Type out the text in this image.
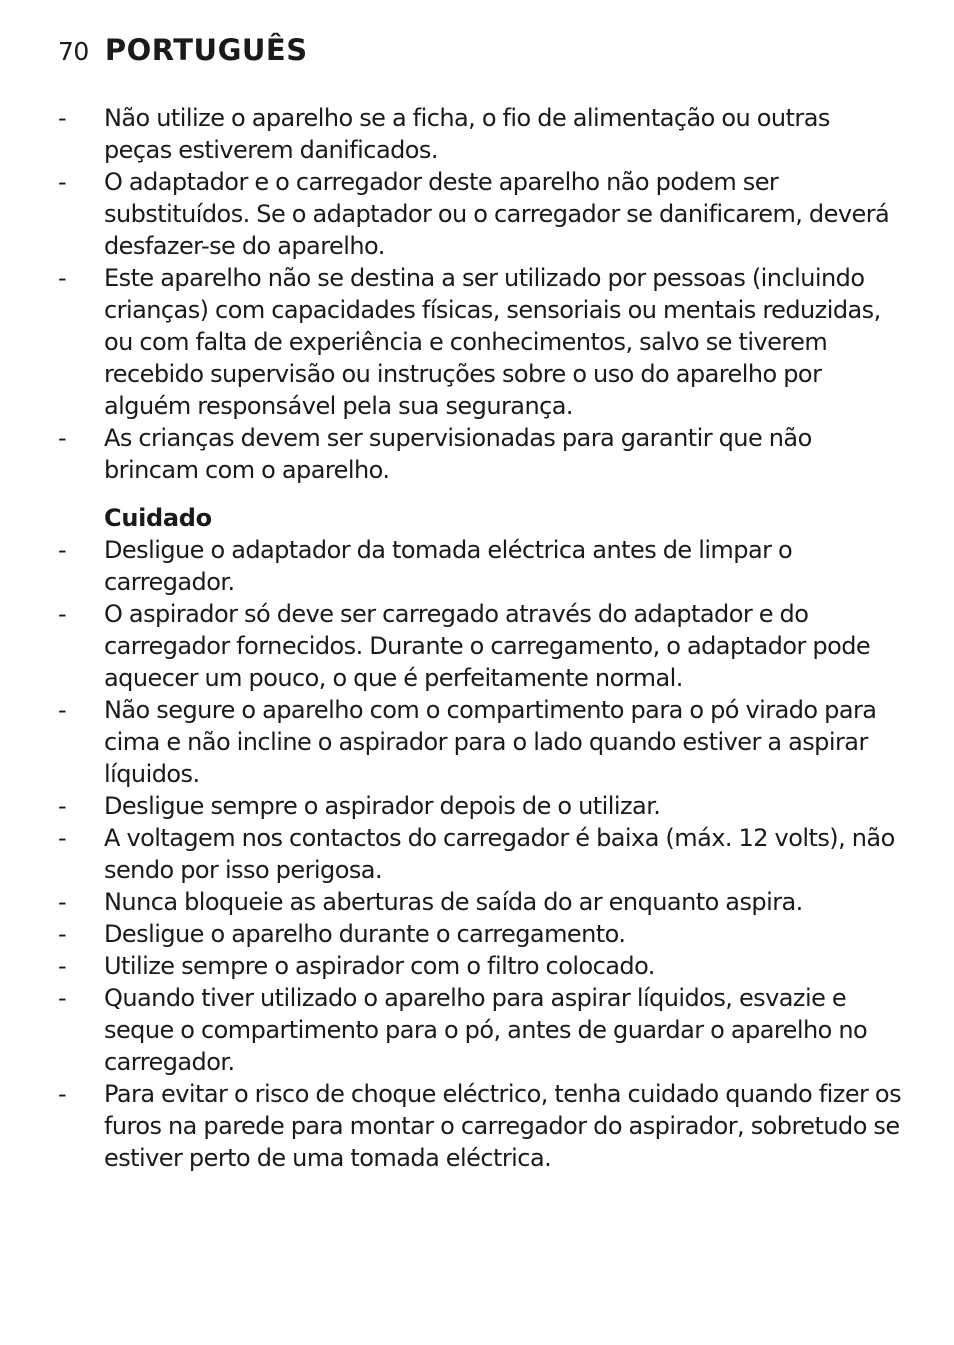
70 PORTUGUÊS
- Não utilize o aparelho se a ficha, o fio de alimentação ou outras peças estiverem danificados.
- O adaptador e o carregador deste aparelho não podem ser substituídos. Se o adaptador ou o carregador se danificarem, deverá desfazer-se do aparelho.
- Este aparelho não se destina a ser utilizado por pessoas (incluindo crianças) com capacidades físicas, sensoriais ou mentais reduzidas, ou com falta de experiência e conhecimentos, salvo se tiverem recebido supervisão ou instruções sobre o uso do aparelho por alguém responsável pela sua segurança.
- As crianças devem ser supervisionadas para garantir que não brincam com o aparelho.
Cuidado
- Desligue o adaptador da tomada eléctrica antes de limpar o carregador.
- O aspirador só deve ser carregado através do adaptador e do carregador fornecidos. Durante o carregamento, o adaptador pode aquecer um pouco, o que é perfeitamente normal.
- Não segure o aparelho com o compartimento para o pó virado para cima e não incline o aspirador para o lado quando estiver a aspirar líquidos.
- Desligue sempre o aspirador depois de o utilizar.
- A voltagem nos contactos do carregador é baixa (máx. 12 volts), não sendo por isso perigosa.
- Nunca bloqueie as aberturas de saída do ar enquanto aspira.
- Desligue o aparelho durante o carregamento.
- Utilize sempre o aspirador com o filtro colocado.
- Quando tiver utilizado o aparelho para aspirar líquidos, esvazie e seque o compartimento para o pó, antes de guardar o aparelho no carregador.
- Para evitar o risco de choque eléctrico, tenha cuidado quando fizer os furos na parede para montar o carregador do aspirador, sobretudo se estiver perto de uma tomada eléctrica.
